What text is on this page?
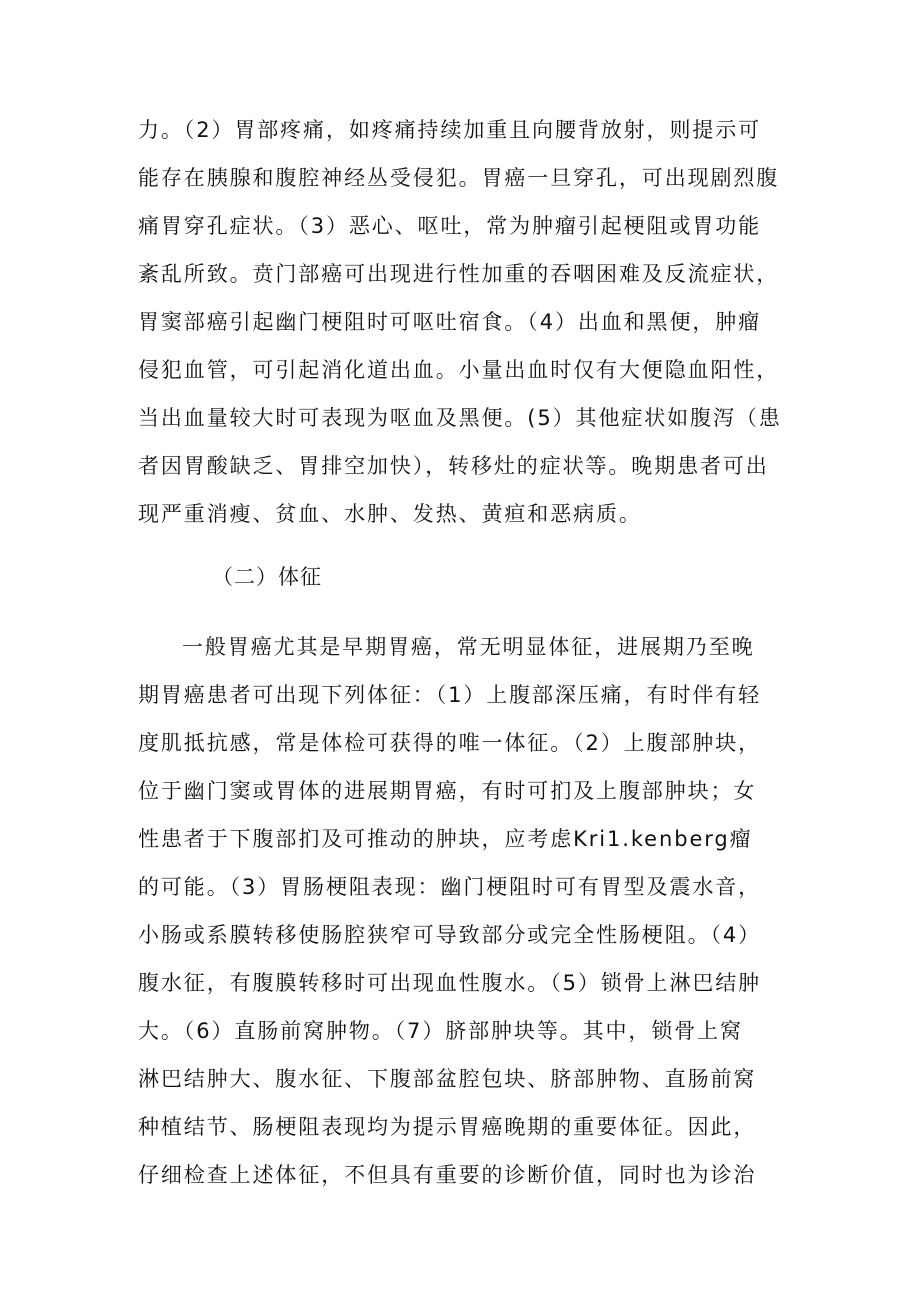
力。（2）胃部疼痛，如疼痛持续加重且向腰背放射，则提示可
能存在胰腺和腹腔神经丛受侵犯。胃癌一旦穿孔，可出现剧烈腹
痛胃穿孔症状。（3）恶心、呕吐，常为肿瘤引起梗阻或胃功能
紊乱所致。贲门部癌可出现进行性加重的吞咽困难及反流症状，
胃窦部癌引起幽门梗阻时可呕吐宿食。（4）出血和黑便，肿瘤
侵犯血管，可引起消化道出血。小量出血时仅有大便隐血阳性，
当出血量较大时可表现为呕血及黑便。(5）其他症状如腹泻（患
者因胃酸缺乏、胃排空加快），转移灶的症状等。晚期患者可出
现严重消瘦、贫血、水肿、发热、黄疸和恶病质。
（二）体征
一般胃癌尤其是早期胃癌，常无明显体征，进展期乃至晚
期胃癌患者可出现下列体征：（1）上腹部深压痛，有时伴有轻
度肌抵抗感，常是体检可获得的唯一体征。（2）上腹部肿块，
位于幽门窦或胃体的进展期胃癌，有时可扪及上腹部肿块；女
性患者于下腹部扪及可推动的肿块，应考虑Kri1.kenberg瘤
的可能。（3）胃肠梗阻表现：幽门梗阻时可有胃型及震水音，
小肠或系膜转移使肠腔狭窄可导致部分或完全性肠梗阻。（4）
腹水征，有腹膜转移时可出现血性腹水。（5）锁骨上淋巴结肿
大。（6）直肠前窝肿物。（7）脐部肿块等。其中，锁骨上窝
淋巴结肿大、腹水征、下腹部盆腔包块、脐部肿物、直肠前窝
种植结节、肠梗阻表现均为提示胃癌晚期的重要体征。因此，
仔细检查上述体征，不但具有重要的诊断价值，同时也为诊治
